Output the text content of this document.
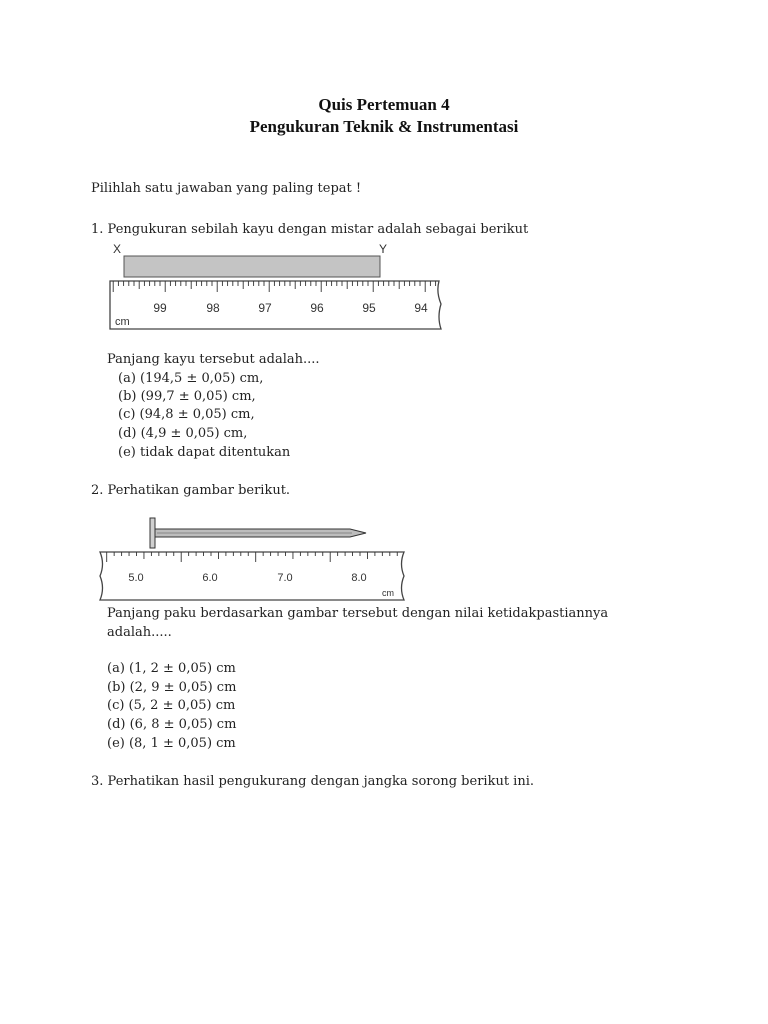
Quis Pertemuan 4
Pengukuran Teknik & Instrumentasi
Pilihlah satu jawaban yang paling tepat !
1. Pengukuran sebilah kayu dengan mistar adalah sebagai berikut
X	Y
99	98	97	96	95	94
cm
Panjang kayu tersebut adalah....
(a) (194,5 ± 0,05) cm,
(b) (99,7 ± 0,05) cm,
(c) (94,8 ± 0,05) cm,
(d) (4,9 ± 0,05) cm,
(e) tidak dapat ditentukan
2. Perhatikan gambar berikut.
5.0	6.0	7.0	8.0
cm
Panjang paku berdasarkan gambar tersebut dengan nilai ketidakpastiannya
adalah.....
(a) (1, 2 ± 0,05) cm
(b) (2, 9 ± 0,05) cm
(c) (5, 2 ± 0,05) cm
(d) (6, 8 ± 0,05) cm
(e) (8, 1 ± 0,05) cm
3. Perhatikan hasil pengukurang dengan jangka sorong berikut ini.
